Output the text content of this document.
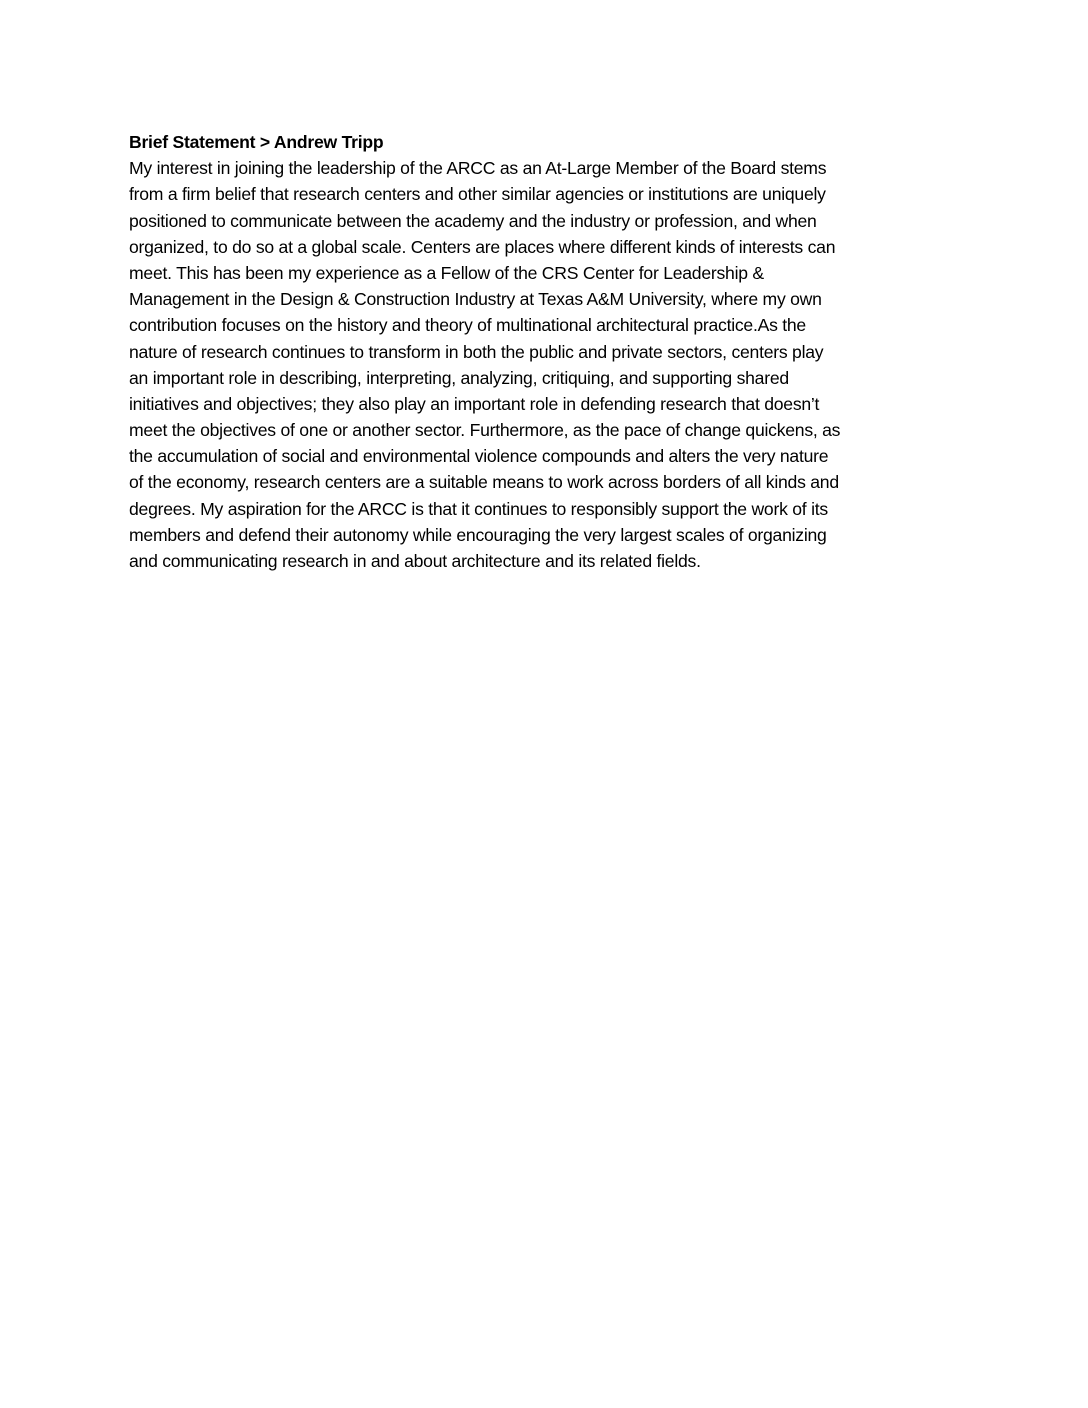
Brief Statement > Andrew Tripp
My interest in joining the leadership of the ARCC as an At-Large Member of the Board stems
from a firm belief that research centers and other similar agencies or institutions are uniquely
positioned to communicate between the academy and the industry or profession, and when
organized, to do so at a global scale. Centers are places where different kinds of interests can
meet. This has been my experience as a Fellow of the CRS Center for Leadership &
Management in the Design & Construction Industry at Texas A&M University, where my own
contribution focuses on the history and theory of multinational architectural practice.As the
nature of research continues to transform in both the public and private sectors, centers play
an important role in describing, interpreting, analyzing, critiquing, and supporting shared
initiatives and objectives; they also play an important role in defending research that doesn’t
meet the objectives of one or another sector. Furthermore, as the pace of change quickens, as
the accumulation of social and environmental violence compounds and alters the very nature
of the economy, research centers are a suitable means to work across borders of all kinds and
degrees. My aspiration for the ARCC is that it continues to responsibly support the work of its
members and defend their autonomy while encouraging the very largest scales of organizing
and communicating research in and about architecture and its related fields.
